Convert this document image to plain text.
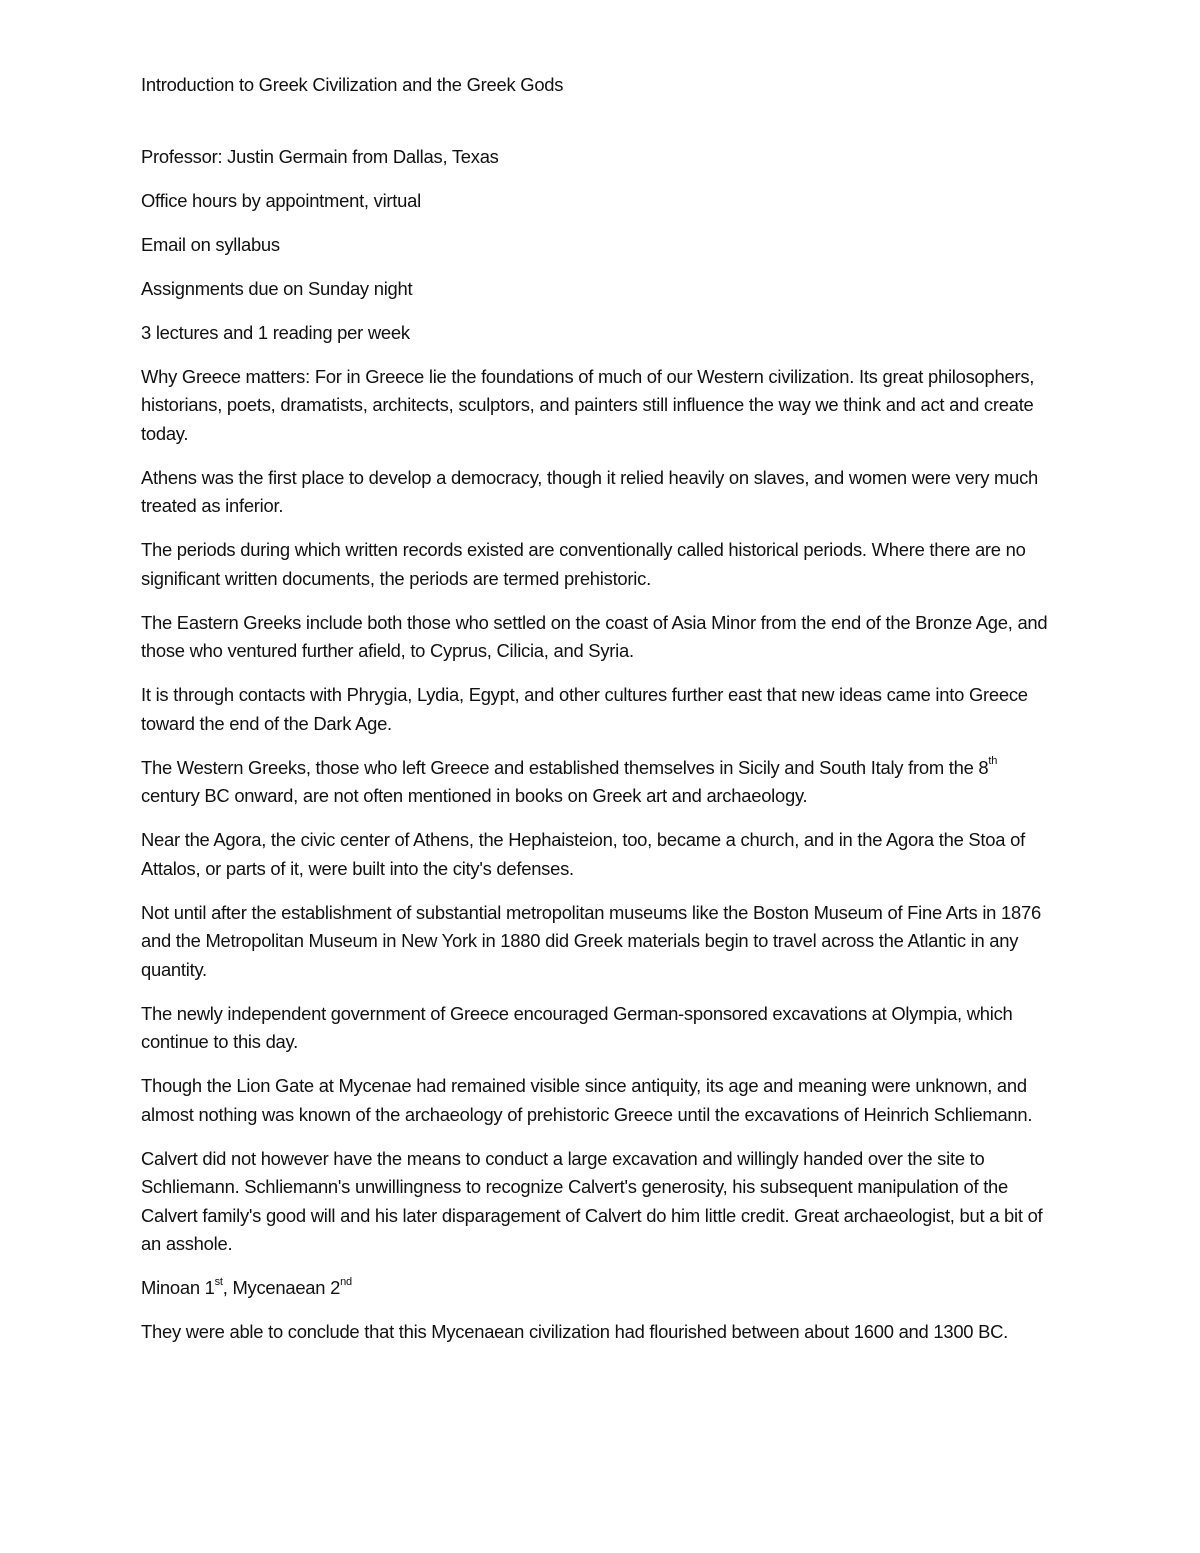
Introduction to Greek Civilization and the Greek Gods

Professor: Justin Germain from Dallas, Texas

Office hours by appointment, virtual

Email on syllabus

Assignments due on Sunday night

3 lectures and 1 reading per week

Why Greece matters: For in Greece lie the foundations of much of our Western civilization. Its great philosophers, historians, poets, dramatists, architects, sculptors, and painters still influence the way we think and act and create today.

Athens was the first place to develop a democracy, though it relied heavily on slaves, and women were very much treated as inferior.

The periods during which written records existed are conventionally called historical periods. Where there are no significant written documents, the periods are termed prehistoric.

The Eastern Greeks include both those who settled on the coast of Asia Minor from the end of the Bronze Age, and those who ventured further afield, to Cyprus, Cilicia, and Syria.

It is through contacts with Phrygia, Lydia, Egypt, and other cultures further east that new ideas came into Greece toward the end of the Dark Age.

The Western Greeks, those who left Greece and established themselves in Sicily and South Italy from the 8th century BC onward, are not often mentioned in books on Greek art and archaeology.

Near the Agora, the civic center of Athens, the Hephaisteion, too, became a church, and in the Agora the Stoa of Attalos, or parts of it, were built into the city's defenses.

Not until after the establishment of substantial metropolitan museums like the Boston Museum of Fine Arts in 1876 and the Metropolitan Museum in New York in 1880 did Greek materials begin to travel across the Atlantic in any quantity.

The newly independent government of Greece encouraged German-sponsored excavations at Olympia, which continue to this day.

Though the Lion Gate at Mycenae had remained visible since antiquity, its age and meaning were unknown, and almost nothing was known of the archaeology of prehistoric Greece until the excavations of Heinrich Schliemann.

Calvert did not however have the means to conduct a large excavation and willingly handed over the site to Schliemann. Schliemann's unwillingness to recognize Calvert's generosity, his subsequent manipulation of the Calvert family's good will and his later disparagement of Calvert do him little credit. Great archaeologist, but a bit of an asshole.

Minoan 1st, Mycenaean 2nd

They were able to conclude that this Mycenaean civilization had flourished between about 1600 and 1300 BC.
